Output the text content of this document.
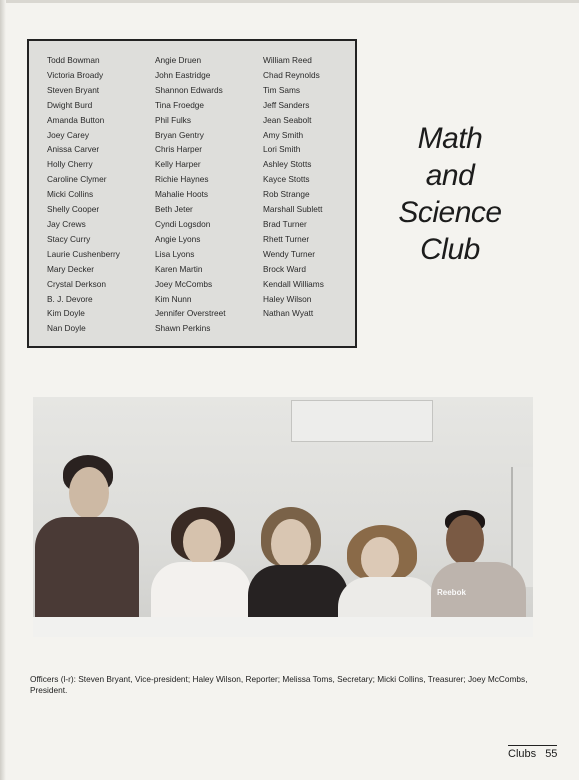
Todd Bowman
Victoria Broady
Steven Bryant
Dwight Burd
Amanda Button
Joey Carey
Anissa Carver
Holly Cherry
Caroline Clymer
Micki Collins
Shelly Cooper
Jay Crews
Stacy Curry
Laurie Cushenberry
Mary Decker
Crystal Derkson
B. J. Devore
Kim Doyle
Nan Doyle
Angie Druen
John Eastridge
Shannon Edwards
Tina Froedge
Phil Fulks
Bryan Gentry
Chris Harper
Kelly Harper
Richie Haynes
Mahalie Hoots
Beth Jeter
Cyndi Logsdon
Angie Lyons
Lisa Lyons
Karen Martin
Joey McCombs
Kim Nunn
Jennifer Overstreet
Shawn Perkins
William Reed
Chad Reynolds
Tim Sams
Jeff Sanders
Jean Seabolt
Amy Smith
Lori Smith
Ashley Stotts
Kayce Stotts
Rob Strange
Marshall Sublett
Brad Turner
Rhett Turner
Wendy Turner
Brock Ward
Kendall Williams
Haley Wilson
Nathan Wyatt
Math
and
Science
Club
Reebok
Officers (l-r): Steven Bryant, Vice-president; Haley Wilson, Reporter; Melissa Toms, Secretary; Micki Collins, Treasurer; Joey McCombs, President.
Clubs 55
